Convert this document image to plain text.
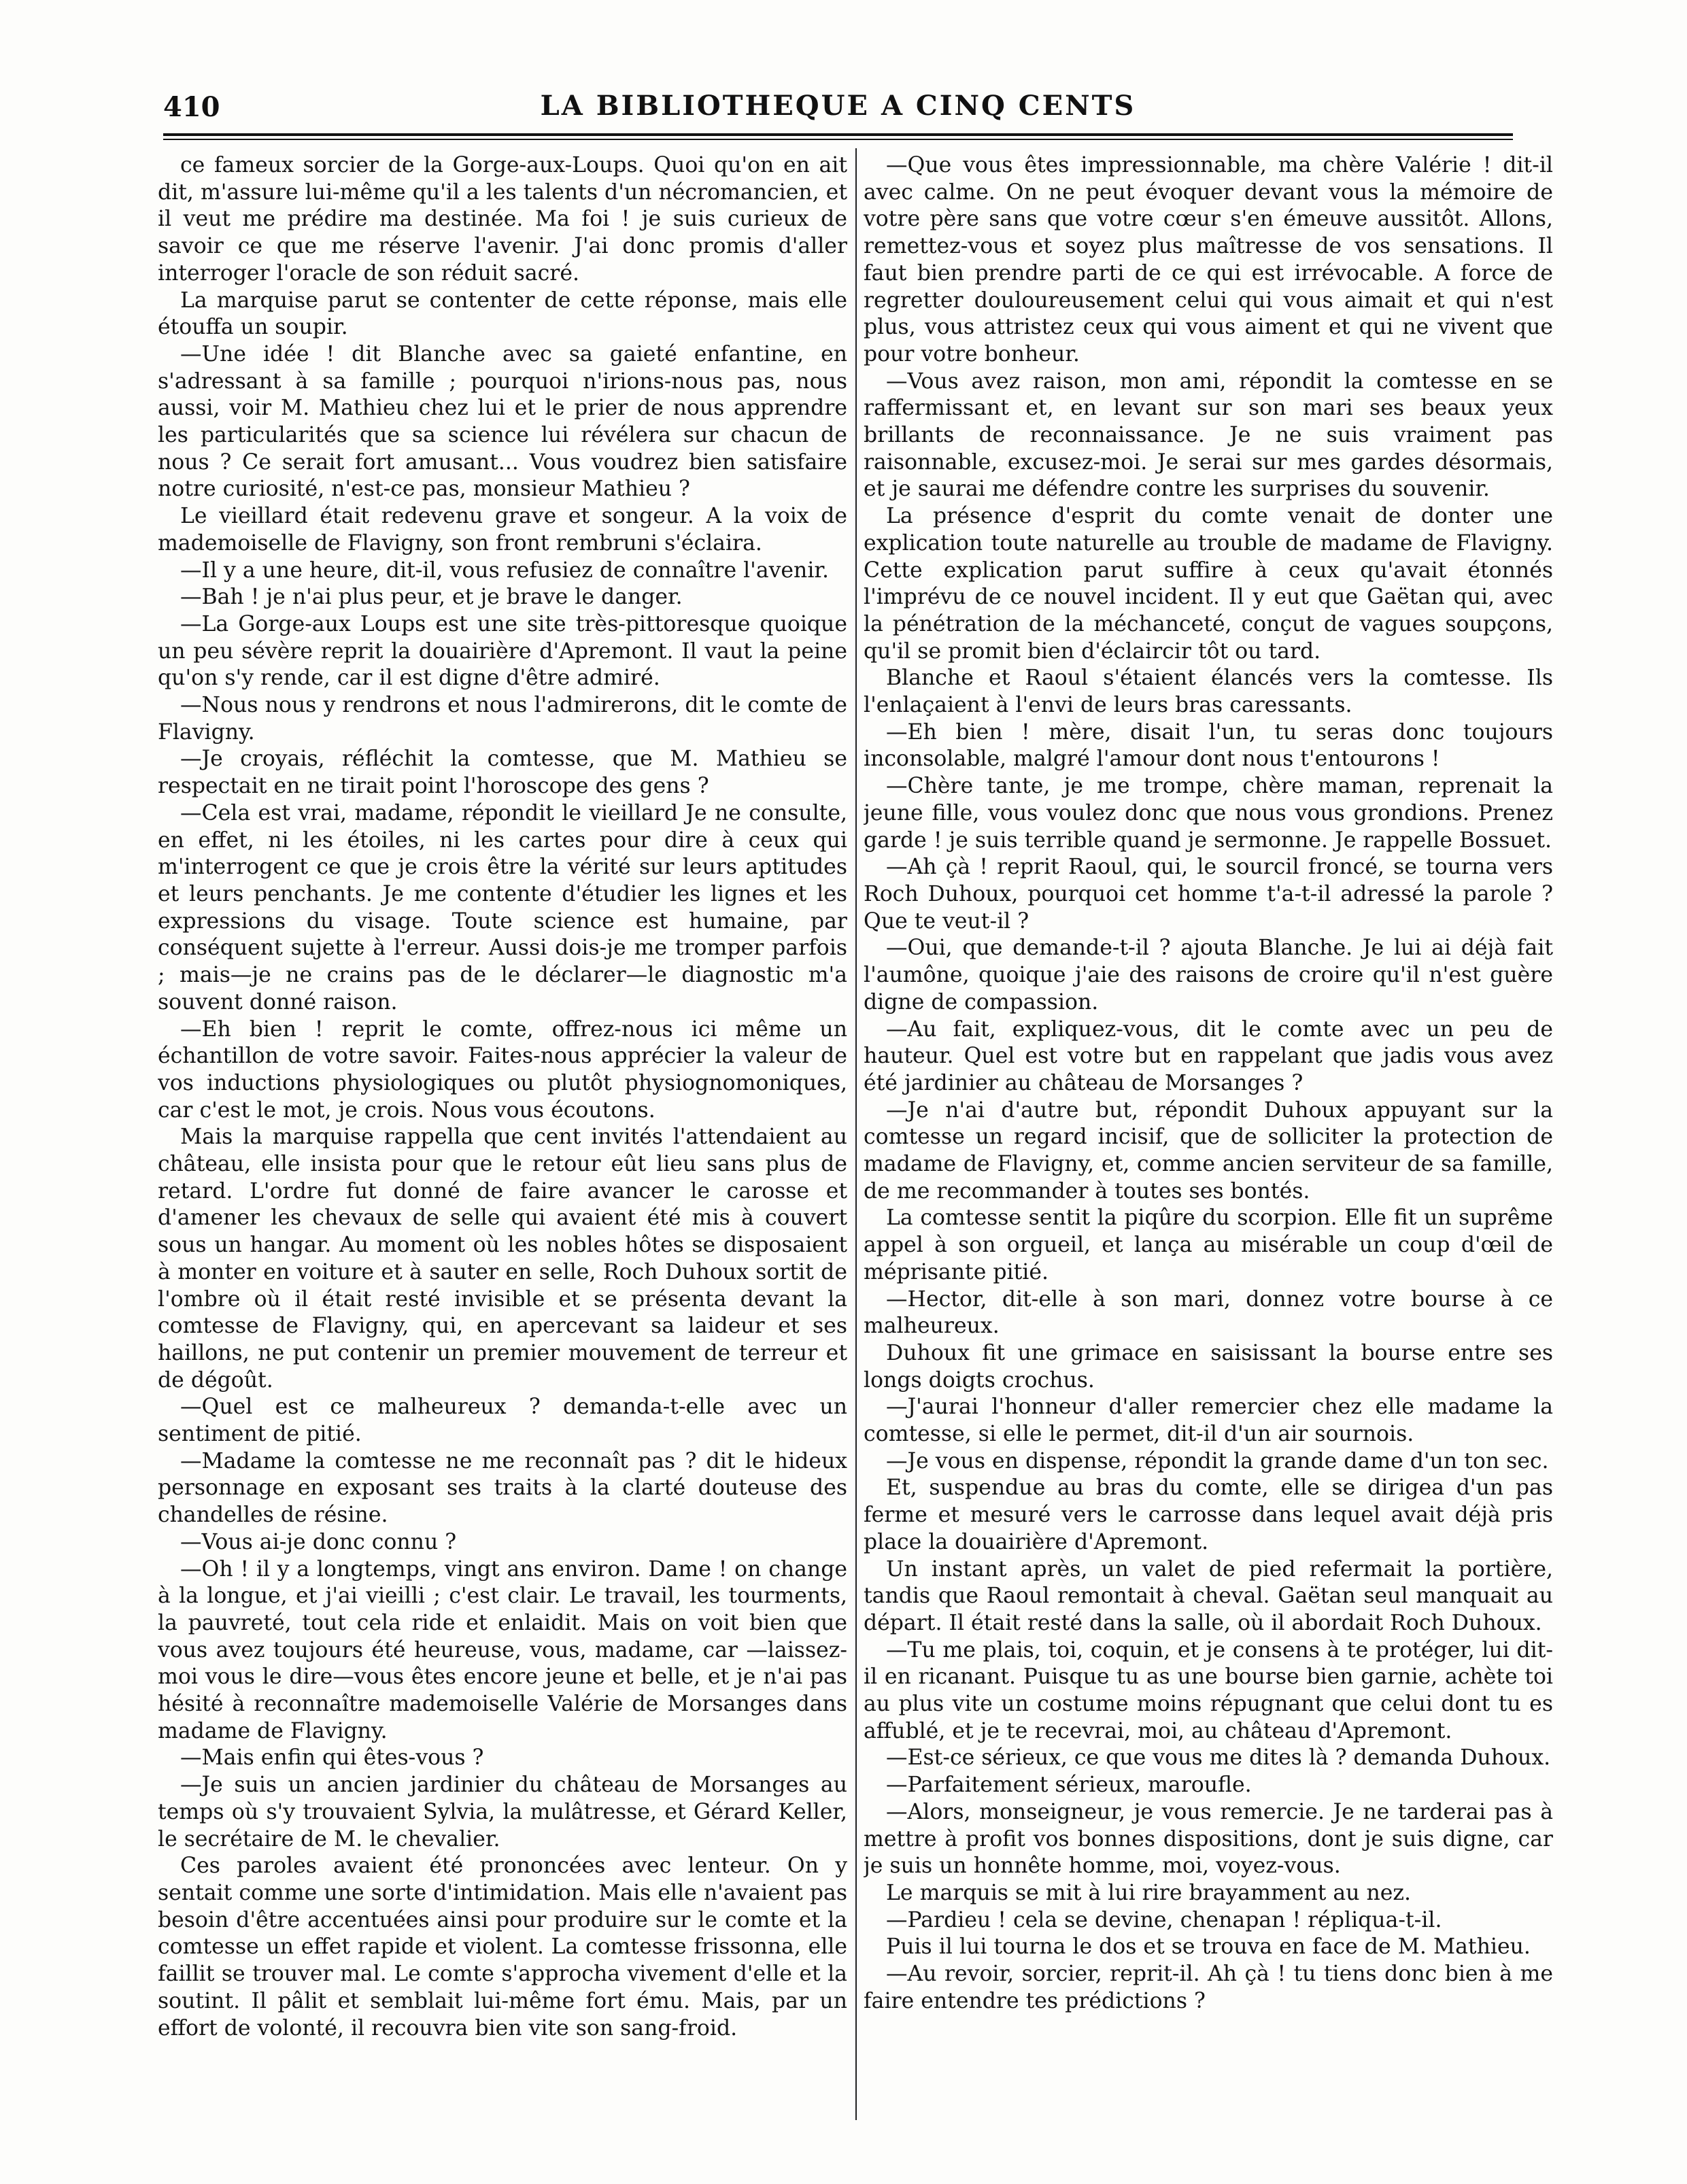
410	LA BIBLIOTHEQUE A CINQ CENTS

ce fameux sorcier de la Gorge-aux-Loups. Quoi qu'on en ait dit, m'assure lui-même qu'il a les talents d'un nécromancien, et il veut me prédire ma destinée. Ma foi ! je suis curieux de savoir ce que me réserve l'avenir. J'ai donc promis d'aller interroger l'oracle de son réduit sacré.

La marquise parut se contenter de cette réponse, mais elle étouffa un soupir.

—Une idée ! dit Blanche avec sa gaieté enfantine, en s'adressant à sa famille ; pourquoi n'irions-nous pas, nous aussi, voir M. Mathieu chez lui et le prier de nous apprendre les particularités que sa science lui révélera sur chacun de nous ? Ce serait fort amusant... Vous voudrez bien satisfaire notre curiosité, n'est-ce pas, monsieur Mathieu ?

Le vieillard était redevenu grave et songeur. A la voix de mademoiselle de Flavigny, son front rembruni s'éclaira.

—Il y a une heure, dit-il, vous refusiez de connaître l'avenir.

—Bah ! je n'ai plus peur, et je brave le danger.

—La Gorge-aux Loups est une site très-pittoresque quoique un peu sévère reprit la douairière d'Apremont. Il vaut la peine qu'on s'y rende, car il est digne d'être admiré.

—Nous nous y rendrons et nous l'admirerons, dit le comte de Flavigny.

—Je croyais, réfléchit la comtesse, que M. Mathieu se respectait en ne tirait point l'horoscope des gens ?

—Cela est vrai, madame, répondit le vieillard Je ne consulte, en effet, ni les étoiles, ni les cartes pour dire à ceux qui m'interrogent ce que je crois être la vérité sur leurs aptitudes et leurs penchants. Je me contente d'étudier les lignes et les expressions du visage. Toute science est humaine, par conséquent sujette à l'erreur. Aussi dois-je me tromper parfois ; mais—je ne crains pas de le déclarer—le diagnostic m'a souvent donné raison.

—Eh bien ! reprit le comte, offrez-nous ici même un échantillon de votre savoir. Faites-nous apprécier la valeur de vos inductions physiologiques ou plutôt physiognomoniques, car c'est le mot, je crois. Nous vous écoutons.

Mais la marquise rappella que cent invités l'attendaient au château, elle insista pour que le retour eût lieu sans plus de retard. L'ordre fut donné de faire avancer le carosse et d'amener les chevaux de selle qui avaient été mis à couvert sous un hangar. Au moment où les nobles hôtes se disposaient à monter en voiture et à sauter en selle, Roch Duhoux sortit de l'ombre où il était resté invisible et se présenta devant la comtesse de Flavigny, qui, en apercevant sa laideur et ses haillons, ne put contenir un premier mouvement de terreur et de dégoût.

—Quel est ce malheureux ? demanda-t-elle avec un sentiment de pitié.

—Madame la comtesse ne me reconnaît pas ? dit le hideux personnage en exposant ses traits à la clarté douteuse des chandelles de résine.

—Vous ai-je donc connu ?

—Oh ! il y a longtemps, vingt ans environ. Dame ! on change à la longue, et j'ai vieilli ; c'est clair. Le travail, les tourments, la pauvreté, tout cela ride et enlaidit. Mais on voit bien que vous avez toujours été heureuse, vous, madame, car —laissez-moi vous le dire—vous êtes encore jeune et belle, et je n'ai pas hésité à reconnaître mademoiselle Valérie de Morsanges dans madame de Flavigny.

—Mais enfin qui êtes-vous ?

—Je suis un ancien jardinier du château de Morsanges au temps où s'y trouvaient Sylvia, la mulâtresse, et Gérard Keller, le secrétaire de M. le chevalier.

Ces paroles avaient été prononcées avec lenteur. On y sentait comme une sorte d'intimidation. Mais elle n'avaient pas besoin d'être accentuées ainsi pour produire sur le comte et la comtesse un effet rapide et violent. La comtesse frissonna, elle faillit se trouver mal. Le comte s'approcha vivement d'elle et la soutint. Il pâlit et semblait lui-même fort ému. Mais, par un effort de volonté, il recouvra bien vite son sang-froid.

—Que vous êtes impressionnable, ma chère Valérie ! dit-il avec calme. On ne peut évoquer devant vous la mémoire de votre père sans que votre cœur s'en émeuve aussitôt. Allons, remettez-vous et soyez plus maîtresse de vos sensations. Il faut bien prendre parti de ce qui est irrévocable. A force de regretter douloureusement celui qui vous aimait et qui n'est plus, vous attristez ceux qui vous aiment et qui ne vivent que pour votre bonheur.

—Vous avez raison, mon ami, répondit la comtesse en se raffermissant et, en levant sur son mari ses beaux yeux brillants de reconnaissance. Je ne suis vraiment pas raisonnable, excusez-moi. Je serai sur mes gardes désormais, et je saurai me défendre contre les surprises du souvenir.

La présence d'esprit du comte venait de donter une explication toute naturelle au trouble de madame de Flavigny. Cette explication parut suffire à ceux qu'avait étonnés l'imprévu de ce nouvel incident. Il y eut que Gaëtan qui, avec la pénétration de la méchanceté, conçut de vagues soupçons, qu'il se promit bien d'éclaircir tôt ou tard.

Blanche et Raoul s'étaient élancés vers la comtesse. Ils l'enlaçaient à l'envi de leurs bras caressants.

—Eh bien ! mère, disait l'un, tu seras donc toujours inconsolable, malgré l'amour dont nous t'entourons !

—Chère tante, je me trompe, chère maman, reprenait la jeune fille, vous voulez donc que nous vous grondions. Prenez garde ! je suis terrible quand je sermonne. Je rappelle Bossuet.

—Ah çà ! reprit Raoul, qui, le sourcil froncé, se tourna vers Roch Duhoux, pourquoi cet homme t'a-t-il adressé la parole ? Que te veut-il ?

—Oui, que demande-t-il ? ajouta Blanche. Je lui ai déjà fait l'aumône, quoique j'aie des raisons de croire qu'il n'est guère digne de compassion.

—Au fait, expliquez-vous, dit le comte avec un peu de hauteur. Quel est votre but en rappelant que jadis vous avez été jardinier au château de Morsanges ?

—Je n'ai d'autre but, répondit Duhoux appuyant sur la comtesse un regard incisif, que de solliciter la protection de madame de Flavigny, et, comme ancien serviteur de sa famille, de me recommander à toutes ses bontés.

La comtesse sentit la piqûre du scorpion. Elle fit un suprême appel à son orgueil, et lança au misérable un coup d'œil de méprisante pitié.

—Hector, dit-elle à son mari, donnez votre bourse à ce malheureux.

Duhoux fit une grimace en saisissant la bourse entre ses longs doigts crochus.

—J'aurai l'honneur d'aller remercier chez elle madame la comtesse, si elle le permet, dit-il d'un air sournois.

—Je vous en dispense, répondit la grande dame d'un ton sec.

Et, suspendue au bras du comte, elle se dirigea d'un pas ferme et mesuré vers le carrosse dans lequel avait déjà pris place la douairière d'Apremont.

Un instant après, un valet de pied refermait la portière, tandis que Raoul remontait à cheval. Gaëtan seul manquait au départ. Il était resté dans la salle, où il abordait Roch Duhoux.

—Tu me plais, toi, coquin, et je consens à te protéger, lui dit-il en ricanant. Puisque tu as une bourse bien garnie, achète toi au plus vite un costume moins répugnant que celui dont tu es affublé, et je te recevrai, moi, au château d'Apremont.

—Est-ce sérieux, ce que vous me dites là ? demanda Duhoux.

—Parfaitement sérieux, maroufle.

—Alors, monseigneur, je vous remercie. Je ne tarderai pas à mettre à profit vos bonnes dispositions, dont je suis digne, car je suis un honnête homme, moi, voyez-vous.

Le marquis se mit à lui rire brayamment au nez.

—Pardieu ! cela se devine, chenapan ! répliqua-t-il.

Puis il lui tourna le dos et se trouva en face de M. Mathieu.

—Au revoir, sorcier, reprit-il. Ah çà ! tu tiens donc bien à me faire entendre tes prédictions ?
